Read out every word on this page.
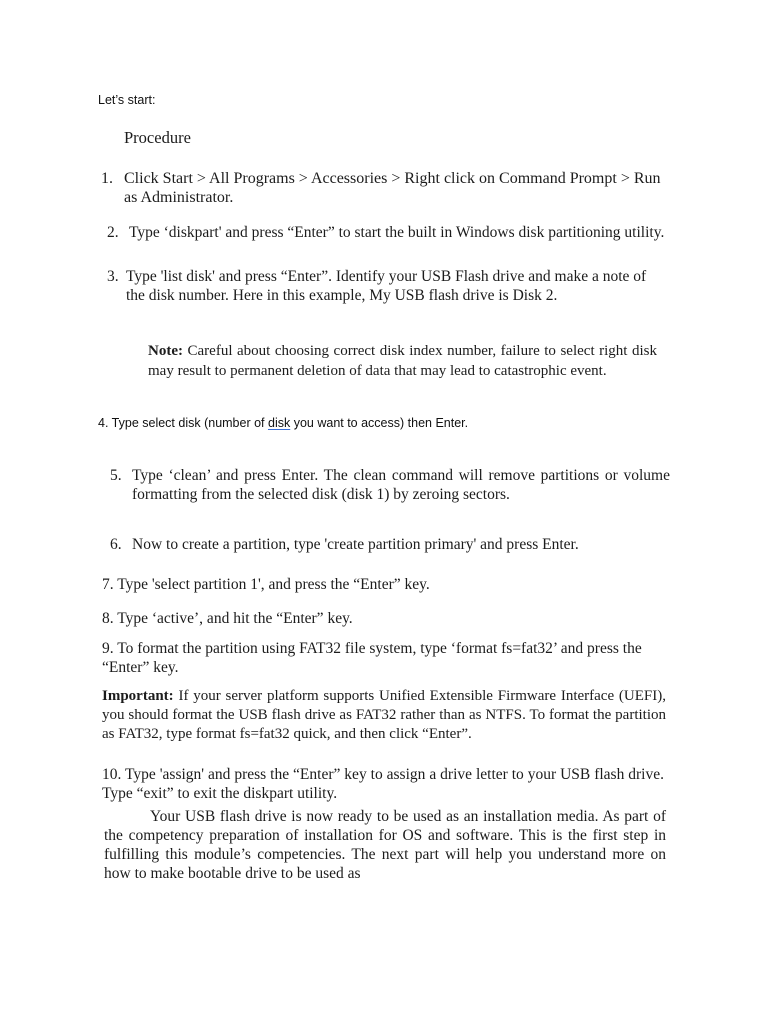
Let’s start:
Procedure
1. Click Start > All Programs > Accessories > Right click on Command Prompt > Run as Administrator.
2. Type ‘diskpart' and press “Enter” to start the built in Windows disk partitioning utility.
3. Type 'list disk' and press “Enter”. Identify your USB Flash drive and make a note of the disk number. Here in this example, My USB flash drive is Disk 2.
Note: Careful about choosing correct disk index number, failure to select right disk may result to permanent deletion of data that may lead to catastrophic event.
4. Type select disk (number of disk you want to access) then Enter.
5. Type ‘clean’ and press Enter. The clean command will remove partitions or volume formatting from the selected disk (disk 1) by zeroing sectors.
6. Now to create a partition, type 'create partition primary' and press Enter.
7. Type 'select partition 1', and press the “Enter” key.
8. Type ‘active’, and hit the “Enter” key.
9. To format the partition using FAT32 file system, type ‘format fs=fat32’ and press the “Enter” key.
Important: If your server platform supports Unified Extensible Firmware Interface (UEFI), you should format the USB flash drive as FAT32 rather than as NTFS. To format the partition as FAT32, type format fs=fat32 quick, and then click “Enter”.
10. Type 'assign' and press the “Enter” key to assign a drive letter to your USB flash drive. Type “exit” to exit the diskpart utility.
Your USB flash drive is now ready to be used as an installation media. As part of the competency preparation of installation for OS and software. This is the first step in fulfilling this module’s competencies. The next part will help you understand more on how to make bootable drive to be used as
